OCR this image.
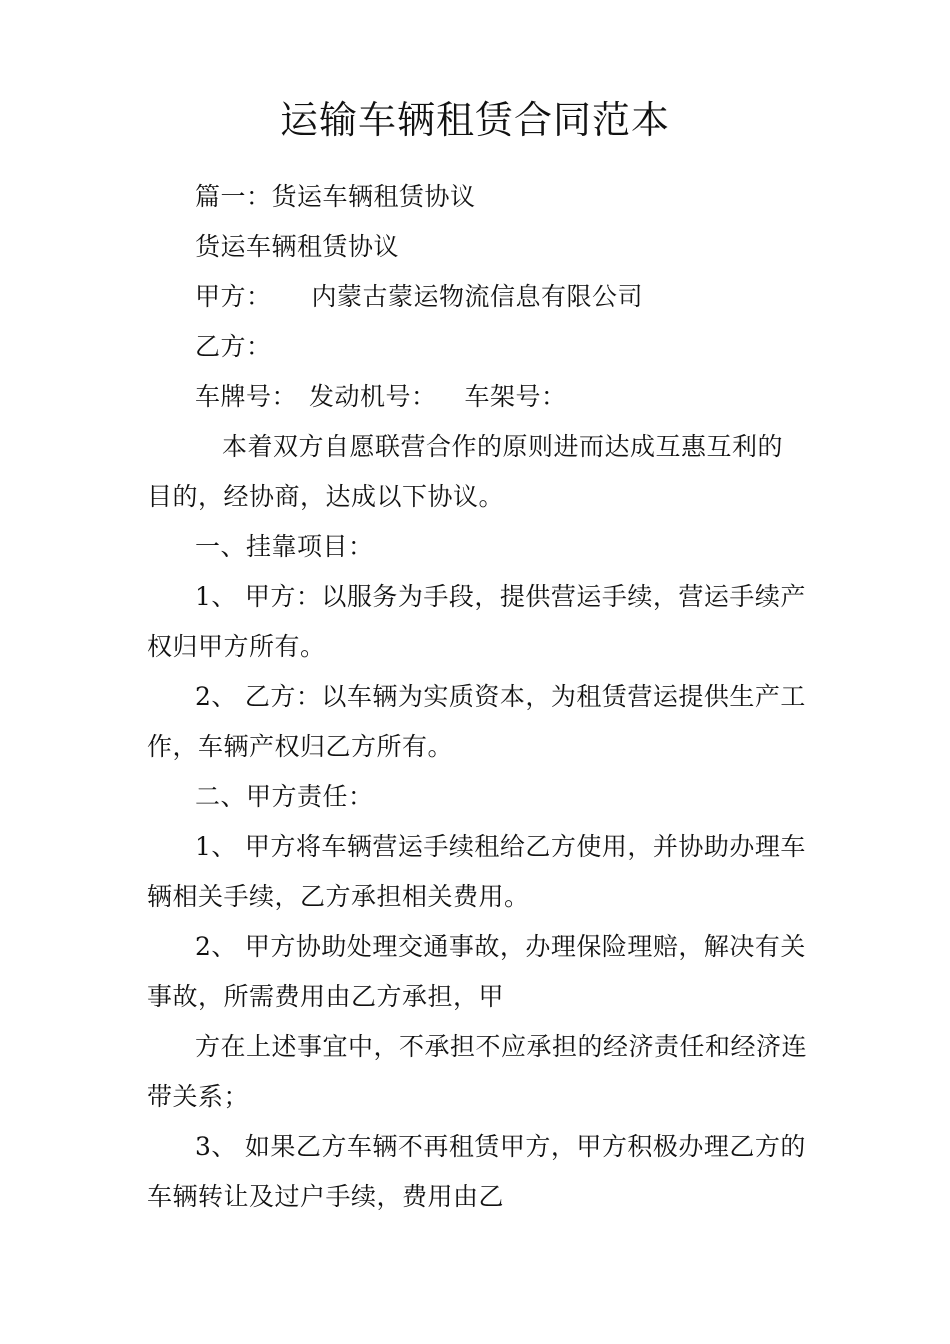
运输车辆租赁合同范本
篇一：货运车辆租赁协议
货运车辆租赁协议
甲方： 内蒙古蒙运物流信息有限公司
乙方：
车牌号： 发动机号： 车架号：
本着双方自愿联营合作的原则进而达成互惠互利的
目的，经协商，达成以下协议。
一、挂靠项目：
1、 甲方：以服务为手段，提供营运手续，营运手续产
权归甲方所有。
2、 乙方：以车辆为实质资本，为租赁营运提供生产工
作，车辆产权归乙方所有。
二、甲方责任：
1、 甲方将车辆营运手续租给乙方使用，并协助办理车
辆相关手续，乙方承担相关费用。
2、 甲方协助处理交通事故，办理保险理赔，解决有关
事故，所需费用由乙方承担，甲
方在上述事宜中，不承担不应承担的经济责任和经济连
带关系；
3、 如果乙方车辆不再租赁甲方，甲方积极办理乙方的
车辆转让及过户手续，费用由乙
